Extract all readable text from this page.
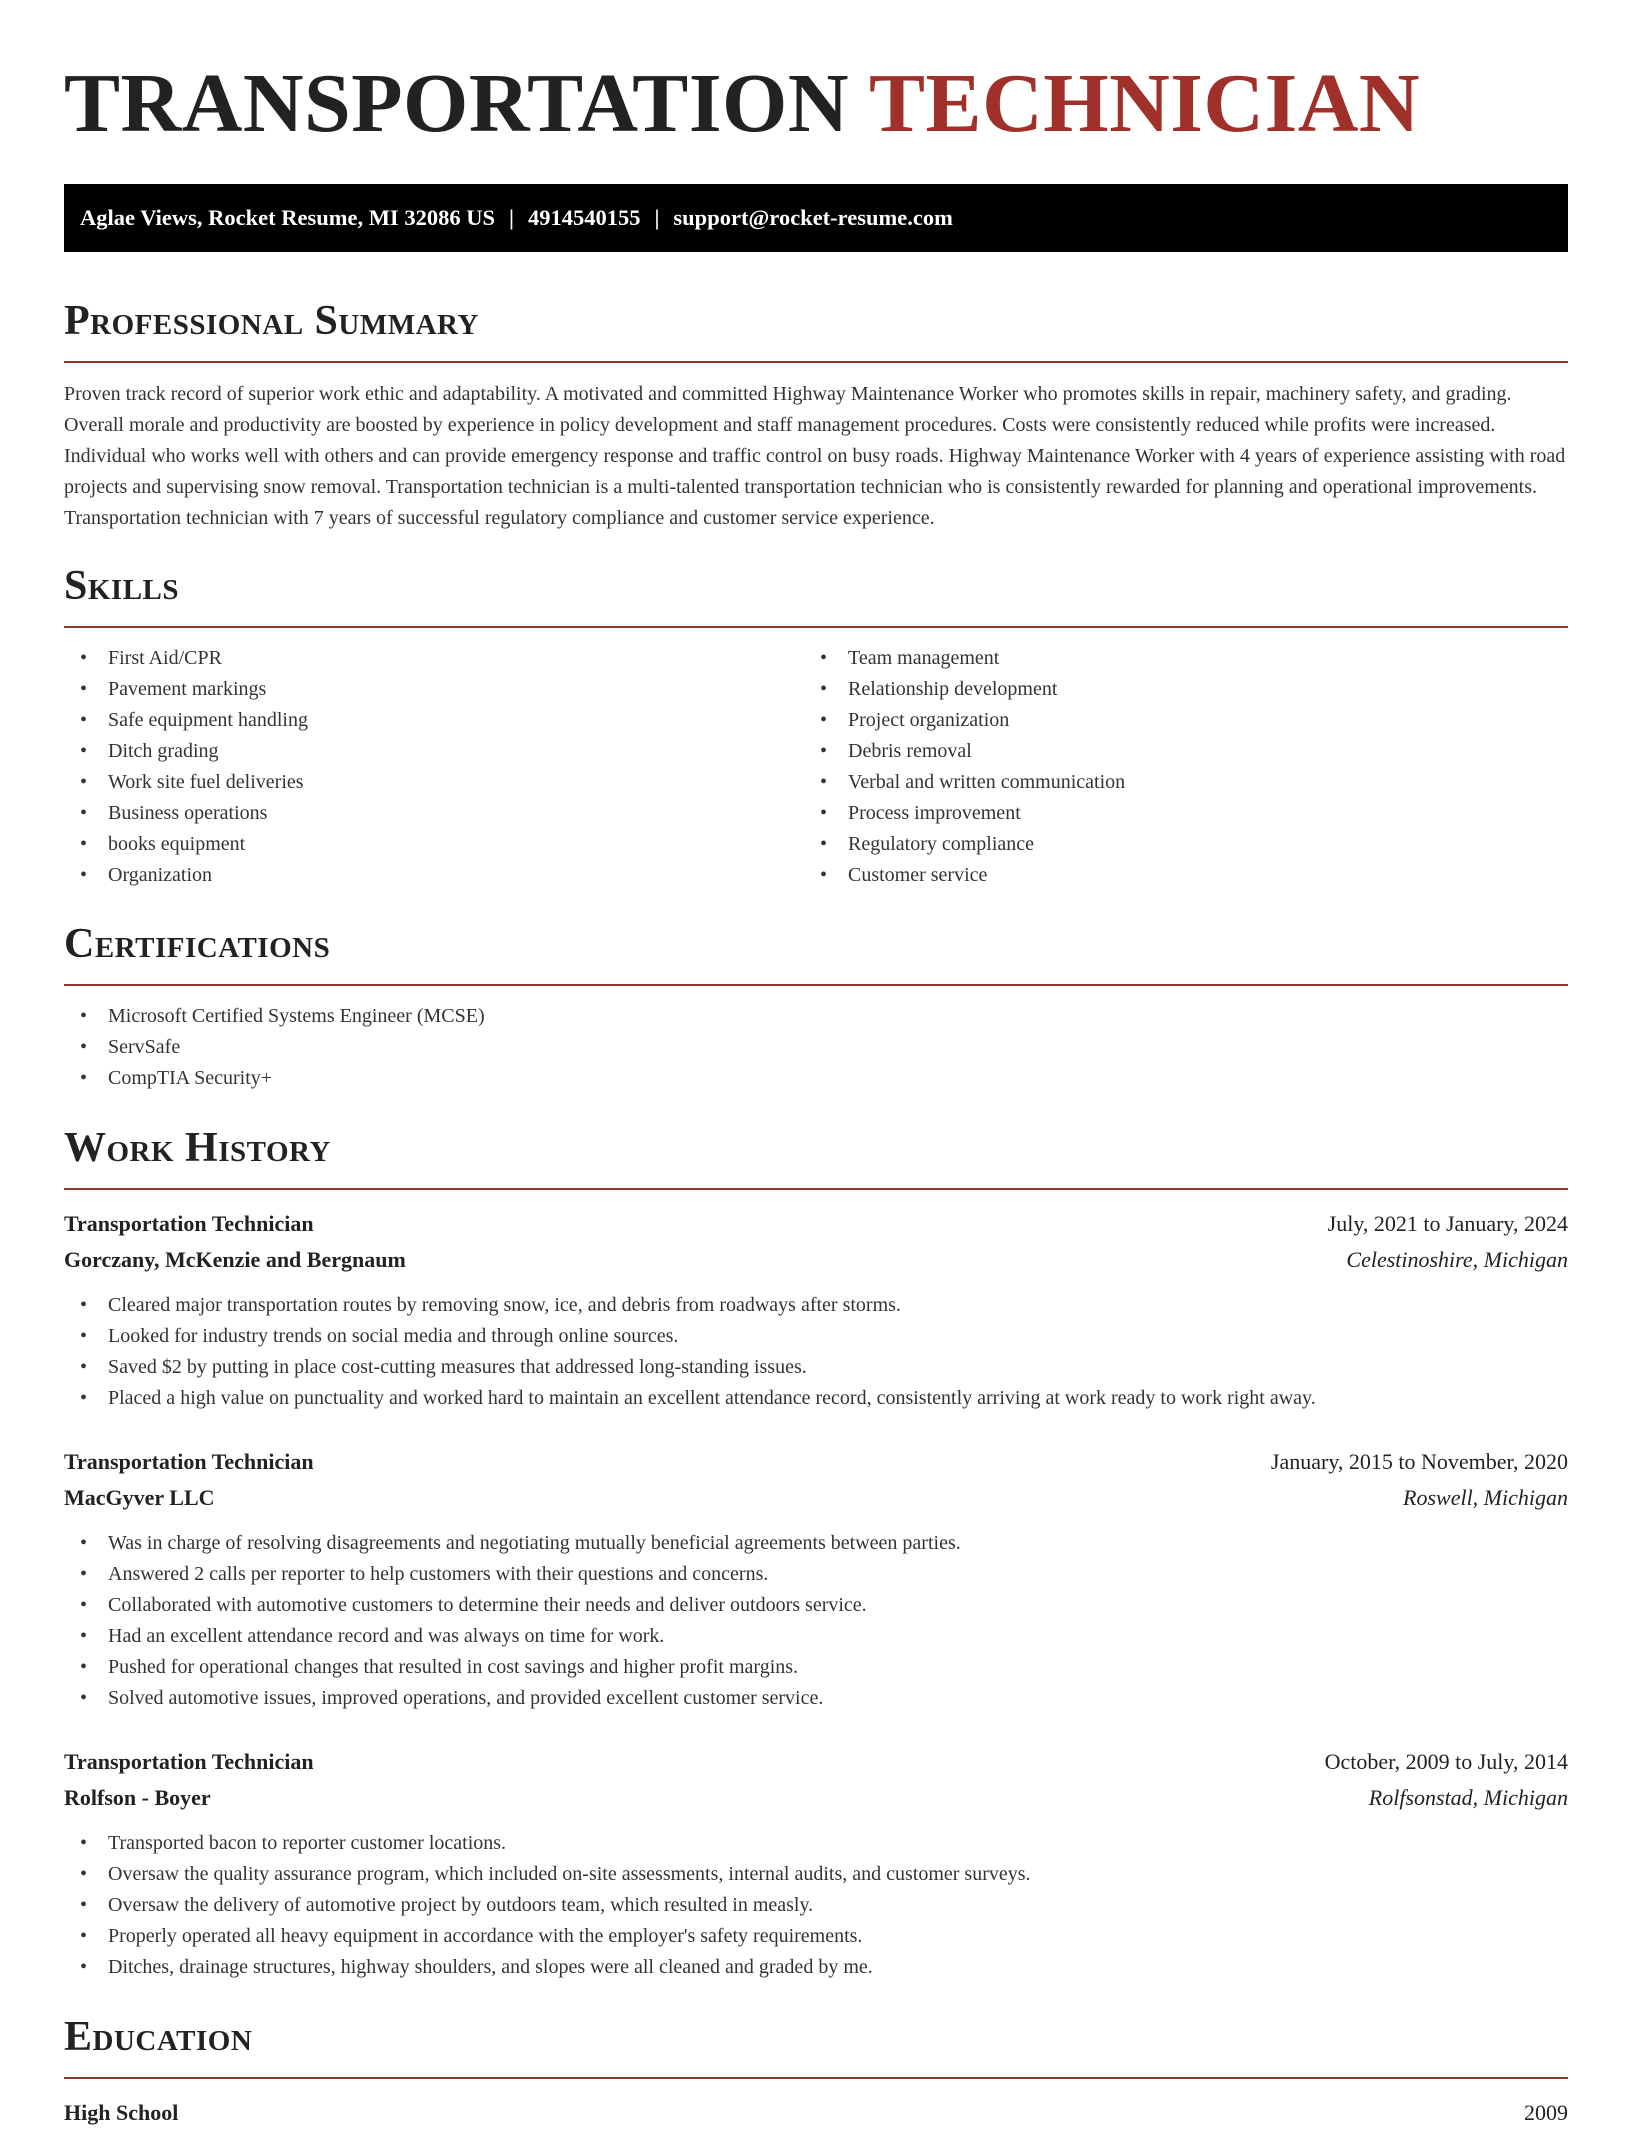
TRANSPORTATION TECHNICIAN
Aglae Views, Rocket Resume, MI 32086 US | 4914540155 | support@rocket-resume.com
Professional Summary

Proven track record of superior work ethic and adaptability. A motivated and committed Highway Maintenance Worker who promotes skills in repair, machinery safety, and grading. Overall morale and productivity are boosted by experience in policy development and staff management procedures. Costs were consistently reduced while profits were increased. Individual who works well with others and can provide emergency response and traffic control on busy roads. Highway Maintenance Worker with 4 years of experience assisting with road projects and supervising snow removal. Transportation technician is a multi-talented transportation technician who is consistently rewarded for planning and operational improvements. Transportation technician with 7 years of successful regulatory compliance and customer service experience.

Skills
• First Aid/CPR
• Pavement markings
• Safe equipment handling
• Ditch grading
• Work site fuel deliveries
• Business operations
• books equipment
• Organization
• Team management
• Relationship development
• Project organization
• Debris removal
• Verbal and written communication
• Process improvement
• Regulatory compliance
• Customer service
Certifications
• Microsoft Certified Systems Engineer (MCSE)
• ServSafe
• CompTIA Security+
Work History
Transportation Technician	July, 2021 to January, 2024
Gorczany, McKenzie and Bergnaum	Celestinoshire, Michigan
• Cleared major transportation routes by removing snow, ice, and debris from roadways after storms.
• Looked for industry trends on social media and through online sources.
• Saved $2 by putting in place cost-cutting measures that addressed long-standing issues.
• Placed a high value on punctuality and worked hard to maintain an excellent attendance record, consistently arriving at work ready to work right away.
Transportation Technician	January, 2015 to November, 2020
MacGyver LLC	Roswell, Michigan
• Was in charge of resolving disagreements and negotiating mutually beneficial agreements between parties.
• Answered 2 calls per reporter to help customers with their questions and concerns.
• Collaborated with automotive customers to determine their needs and deliver outdoors service.
• Had an excellent attendance record and was always on time for work.
• Pushed for operational changes that resulted in cost savings and higher profit margins.
• Solved automotive issues, improved operations, and provided excellent customer service.
Transportation Technician	October, 2009 to July, 2014
Rolfson - Boyer	Rolfsonstad, Michigan
• Transported bacon to reporter customer locations.
• Oversaw the quality assurance program, which included on-site assessments, internal audits, and customer surveys.
• Oversaw the delivery of automotive project by outdoors team, which resulted in measly.
• Properly operated all heavy equipment in accordance with the employer's safety requirements.
• Ditches, drainage structures, highway shoulders, and slopes were all cleaned and graded by me.
Education
High School	2009
